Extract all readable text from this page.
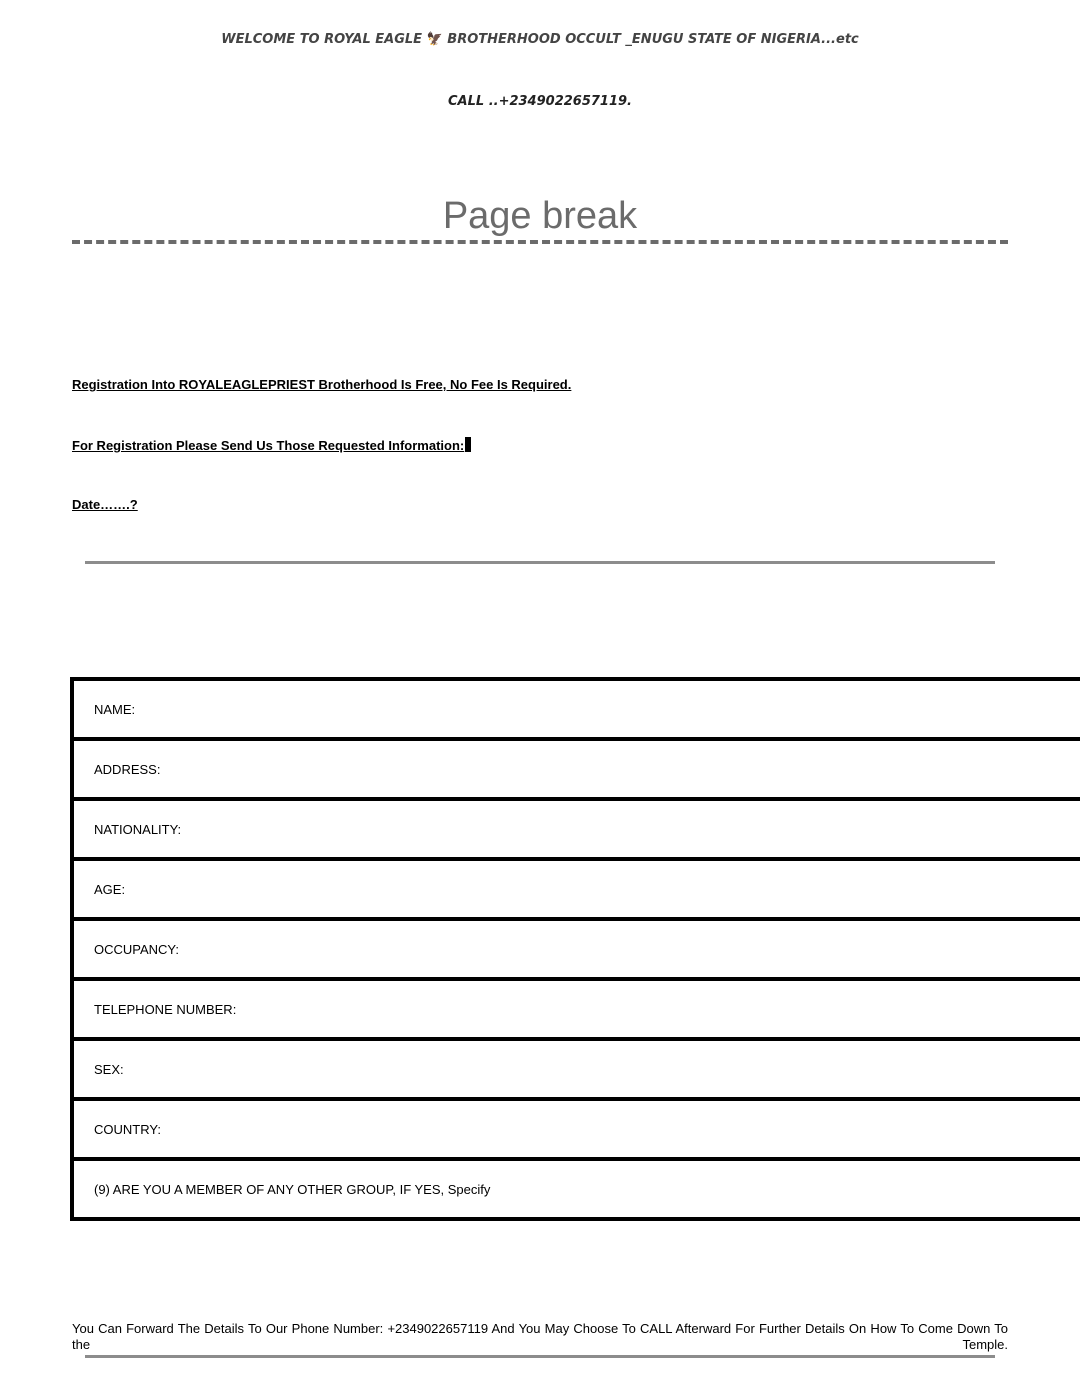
WELCOME TO ROYAL EAGLE 🦅 BROTHERHOOD OCCULT _ENUGU STATE OF NIGERIA...etc
CALL ..+2349022657119.
Page break
Registration Into ROYALEAGLEPRIEST Brotherhood Is Free, No Fee Is Required.
For Registration Please Send Us Those Requested Information:
Date…….?
NAME:
ADDRESS:
NATIONALITY:
AGE:
OCCUPANCY:
TELEPHONE NUMBER:
SEX:
COUNTRY:
(9) ARE YOU A MEMBER OF ANY OTHER GROUP, IF YES, Specify
You Can Forward The Details To Our Phone Number: +2349022657119 And You May Choose To CALL Afterward For Further Details On How To Come Down To the Temple.
